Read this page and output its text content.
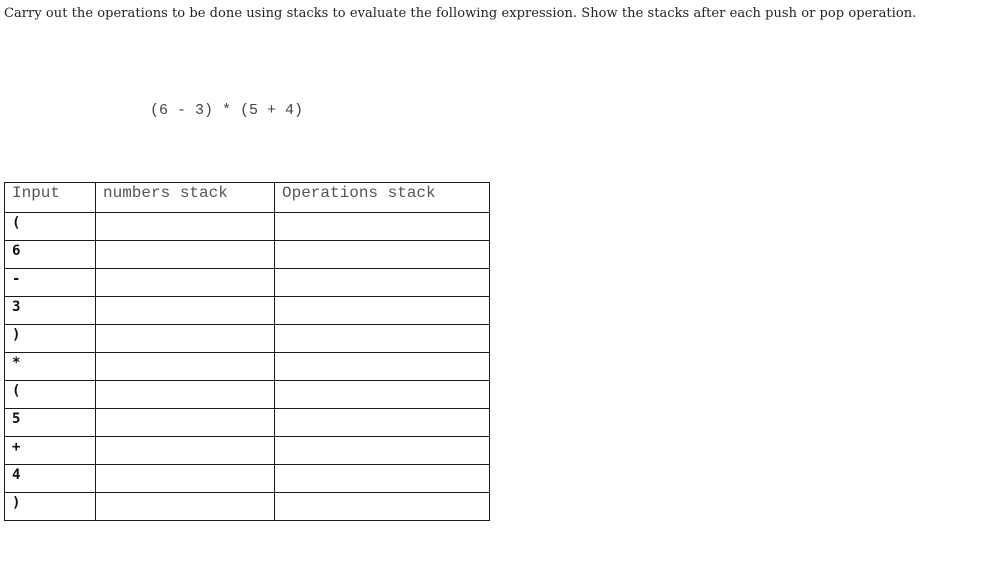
Carry out the operations to be done using stacks to evaluate the following expression. Show the stacks after each push or pop operation.
(6 - 3) * (5 + 4)
Input	numbers stack	Operations stack
(		
6		
-		
3		
)		
*		
(		
5		
+		
4		
)		
